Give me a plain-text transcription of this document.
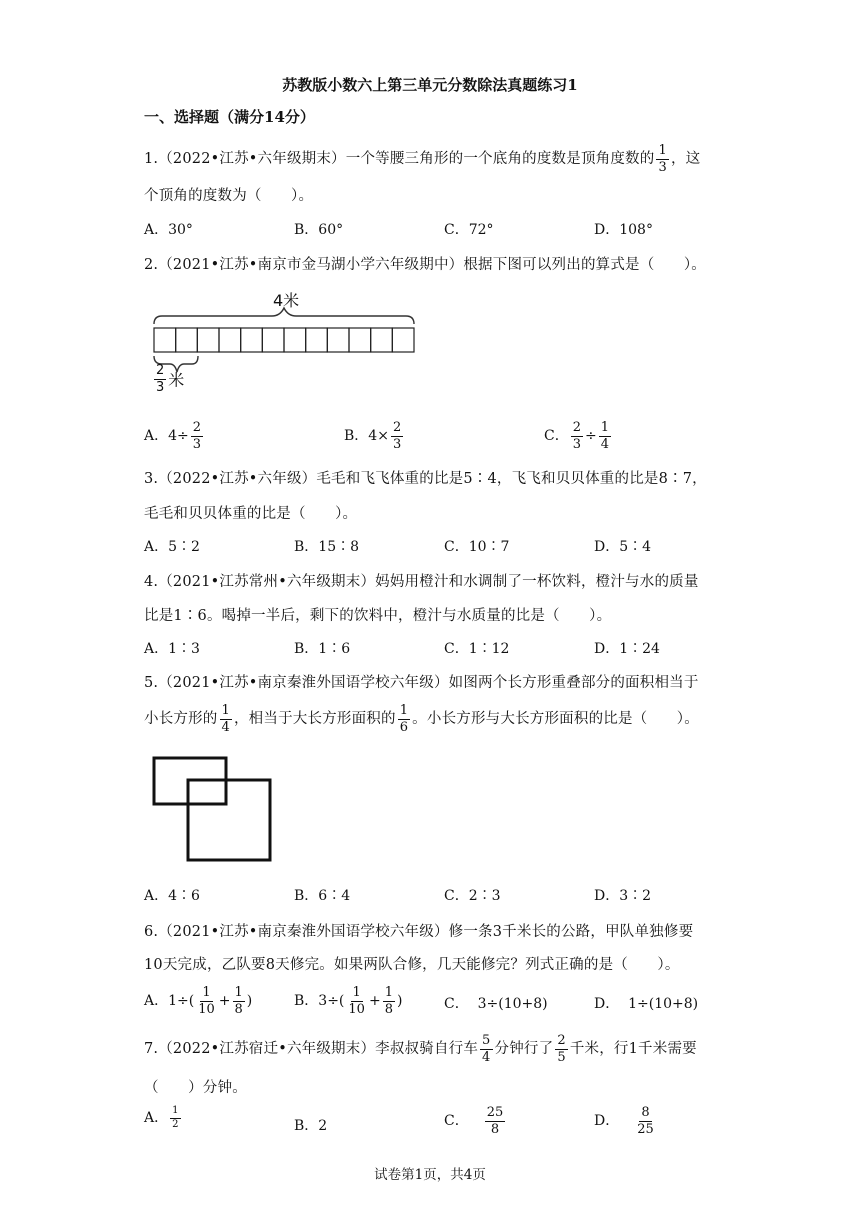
苏教版小数六上第三单元分数除法真题练习1
一、选择题（满分14分）
1.（2022•江苏•六年级期末）一个等腰三角形的一个底角的度数是顶角度数的 $\frac{1}{3}$ ，这
个顶角的度数为（　　）。
A．30°	B．60°	C．72°	D．108°
2.（2021•江苏•南京市金马湖小学六年级期中）根据下图可以列出的算式是（　　）。
4米
$\frac{2}{3}$ 米
A．$4\div \frac{2}{3}$	B．$4\times \frac{2}{3}$	C． $\frac{2}{3} \div \frac{1}{4}$
3.（2022•江苏•六年级）毛毛和飞飞体重的比是5∶4，飞飞和贝贝体重的比是8∶7，
毛毛和贝贝体重的比是（　　）。
A．5∶2	B．15∶8	C．10∶7	D．5∶4
4.（2021•江苏常州•六年级期末）妈妈用橙汁和水调制了一杯饮料，橙汁与水的质量
比是1∶6。喝掉一半后，剩下的饮料中，橙汁与水质量的比是（　　）。
A．1∶3	B．1∶6	C．1∶12	D．1∶24
5.（2021•江苏•南京秦淮外国语学校六年级）如图两个长方形重叠部分的面积相当于
小长方形的 $\frac{1}{4}$ ，相当于大长方形面积的 $\frac{1}{6}$ 。小长方形与大长方形面积的比是（　　）。
A．4∶6	B．6∶4	C．2∶3	D．3∶2
6.（2021•江苏•南京秦淮外国语学校六年级）修一条3千米长的公路，甲队单独修要
10天完成，乙队要8天修完。如果两队合修，几天能修完？列式正确的是（　　）。
A．$1\div( \frac{1}{10} + \frac{1}{8}$ )	B．$3\div( \frac{1}{10} + \frac{1}{8}$ )	C．  3÷(10+8)	D．  1÷(10+8)
7.（2022•江苏宿迁•六年级期末）李叔叔骑自行车 $\frac{5}{4}$ 分钟行了 $\frac{2}{5}$ 千米，行1千米需要
（　　）分钟。
A． $\frac{1}{2}$	B．2	C． $\frac{25}{8}$	D． $\frac{8}{25}$
试卷第1页，共4页
